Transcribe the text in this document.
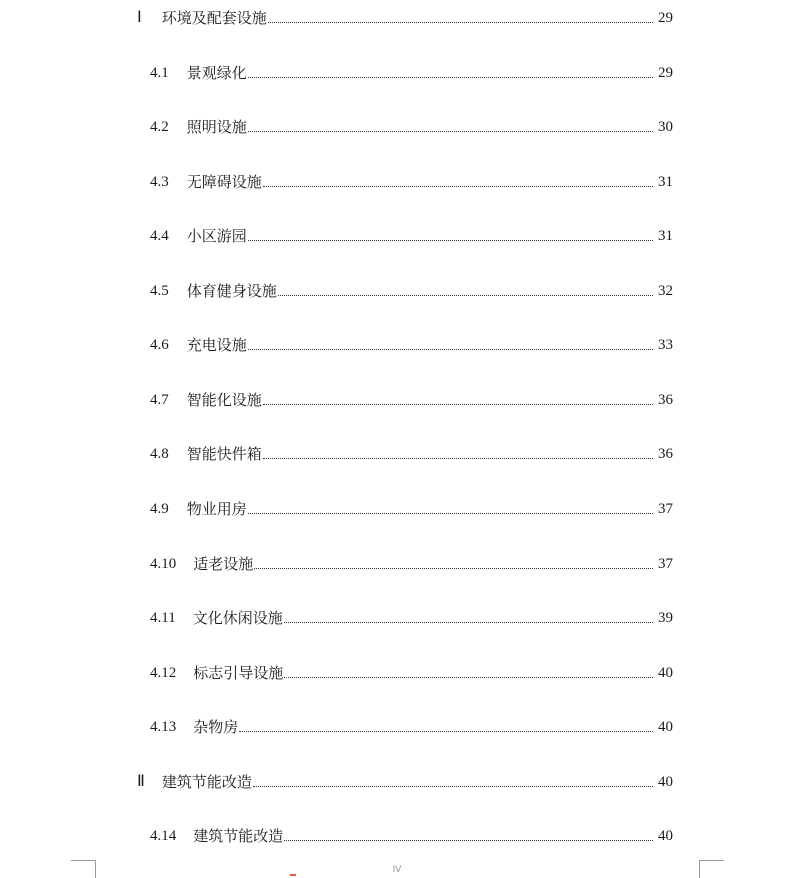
Ⅰ 环境及配套设施	29
4.1 景观绿化	29
4.2 照明设施	30
4.3 无障碍设施	31
4.4 小区游园	31
4.5 体育健身设施	32
4.6 充电设施	33
4.7 智能化设施	36
4.8 智能快件箱	36
4.9 物业用房	37
4.10 适老设施	37
4.11 文化休闲设施	39
4.12 标志引导设施	40
4.13 杂物房	40
Ⅱ 建筑节能改造	40
4.14 建筑节能改造	40
IV
